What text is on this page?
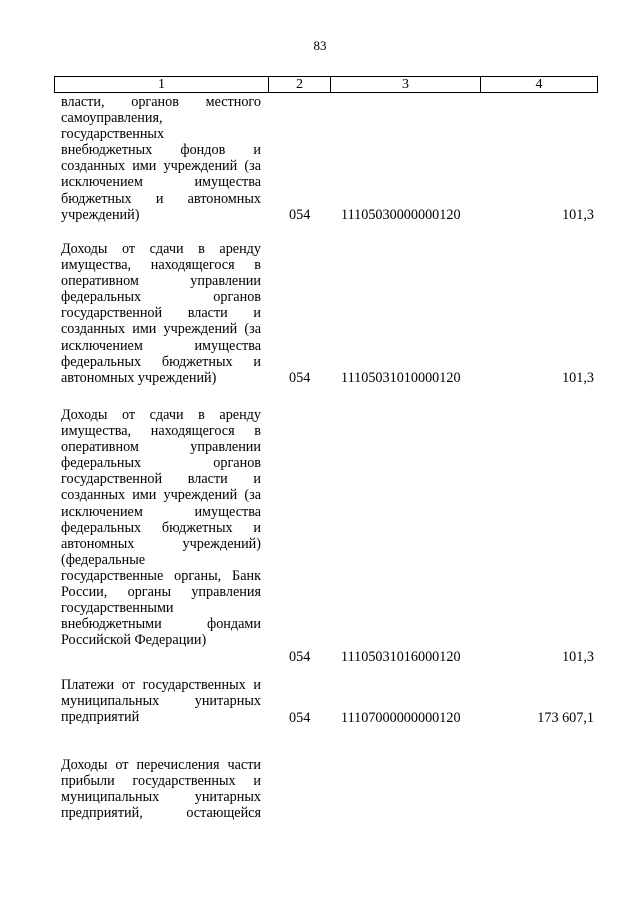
83
1	2	3	4
власти, органов местного
самоуправления,
государственных
внебюджетных фондов и
созданных ими учреждений (за
исключением имущества
бюджетных и автономных
учреждений)	054	11105030000000120	101,3
Доходы от сдачи в аренду
имущества, находящегося в
оперативном управлении
федеральных органов
государственной власти и
созданных ими учреждений (за
исключением имущества
федеральных бюджетных и
автономных учреждений)	054	11105031010000120	101,3
Доходы от сдачи в аренду
имущества, находящегося в
оперативном управлении
федеральных органов
государственной власти и
созданных ими учреждений (за
исключением имущества
федеральных бюджетных и
автономных учреждений)
(федеральные
государственные органы, Банк
России, органы управления
государственными
внебюджетными фондами
Российской Федерации)
054	11105031016000120	101,3
Платежи от государственных и
муниципальных унитарных
предприятий	054	11107000000000120	173 607,1
Доходы от перечисления части
прибыли государственных и
муниципальных унитарных
предприятий, остающейся
